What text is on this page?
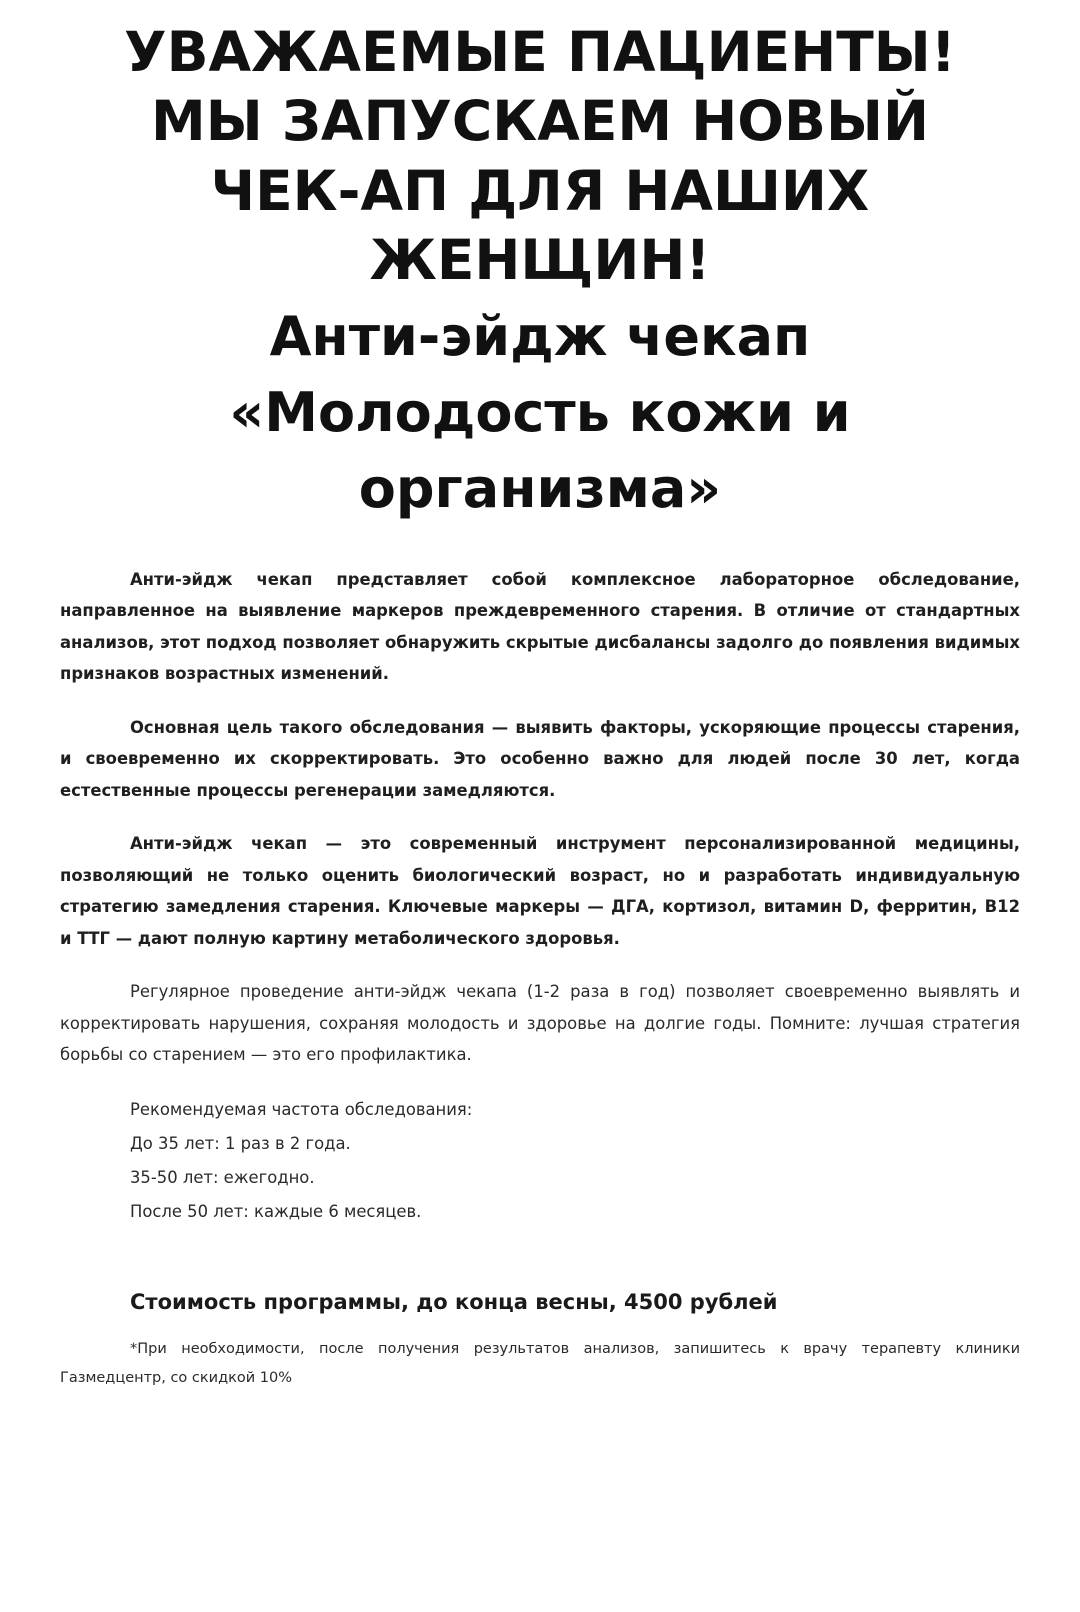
УВАЖАЕМЫЕ ПАЦИЕНТЫ!
МЫ ЗАПУСКАЕМ НОВЫЙ
ЧЕК-АП ДЛЯ НАШИХ
ЖЕНЩИН!
Анти-эйдж чекап
«Молодость кожи и
организма»

Анти-эйдж чекап представляет собой комплексное лабораторное обследование, направленное на выявление маркеров преждевременного старения. В отличие от стандартных анализов, этот подход позволяет обнаружить скрытые дисбалансы задолго до появления видимых признаков возрастных изменений.

Основная цель такого обследования — выявить факторы, ускоряющие процессы старения, и своевременно их скорректировать. Это особенно важно для людей после 30 лет, когда естественные процессы регенерации замедляются.

Анти-эйдж чекап — это современный инструмент персонализированной медицины, позволяющий не только оценить биологический возраст, но и разработать индивидуальную стратегию замедления старения. Ключевые маркеры — ДГА, кортизол, витамин D, ферритин, B12 и ТТГ — дают полную картину метаболического здоровья.

Регулярное проведение анти-эйдж чекапа (1-2 раза в год) позволяет своевременно выявлять и корректировать нарушения, сохраняя молодость и здоровье на долгие годы. Помните: лучшая стратегия борьбы со старением — это его профилактика.

Рекомендуемая частота обследования:
До 35 лет: 1 раз в 2 года.
35-50 лет: ежегодно.
После 50 лет: каждые 6 месяцев.
Стоимость программы, до конца весны, 4500 рублей

*При необходимости, после получения результатов анализов, запишитесь к врачу терапевту клиники Газмедцентр, со скидкой 10%
